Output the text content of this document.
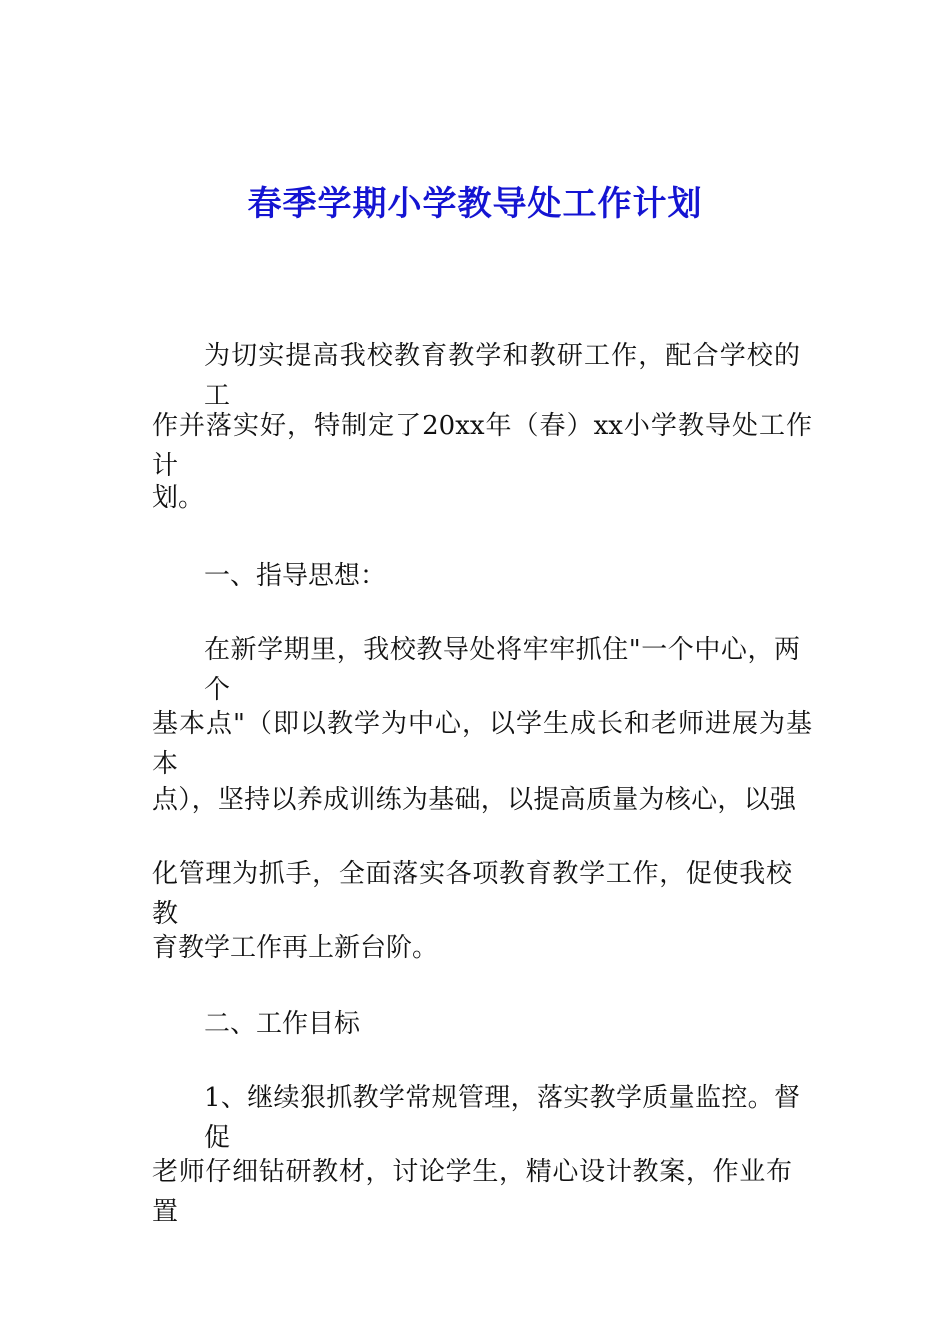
春季学期小学教导处工作计划
为切实提高我校教育教学和教研工作，配合学校的工
作并落实好，特制定了20xx年（春）xx小学教导处工作计
划。
一、指导思想：
在新学期里，我校教导处将牢牢抓住"一个中心，两个
基本点"（即以教学为中心，以学生成长和老师进展为基本
点），坚持以养成训练为基础，以提高质量为核心，以强
化管理为抓手，全面落实各项教育教学工作，促使我校教
育教学工作再上新台阶。
二、工作目标
1、继续狠抓教学常规管理，落实教学质量监控。督促
老师仔细钻研教材，讨论学生，精心设计教案，作业布置
